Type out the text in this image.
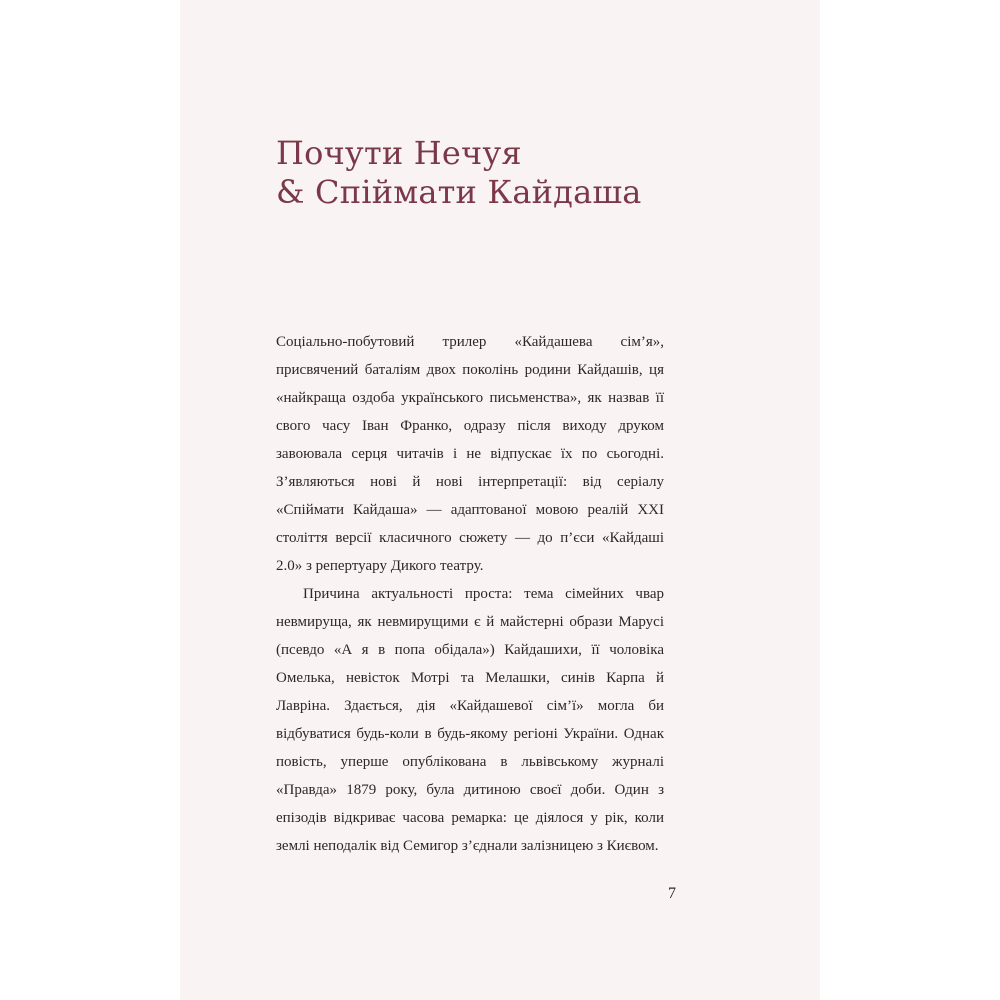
Почути Нечуя
& Спіймати Кайдаша

Соціально-побутовий трилер «Кайдашева сім’я», присвячений баталіям двох поколінь родини Кайдашів, ця «найкраща оздоба українського письменства», як назвав її свого часу Іван Франко, одразу після виходу друком завоювала серця читачів і не відпускає їх по сьогодні. З’являються нові й нові інтерпретації: від серіалу «Спіймати Кайдаша» — адаптованої мовою реалій XXI століття версії класичного сюжету — до п’єси «Кайдаші 2.0» з репертуару Дикого театру.

Причина актуальності проста: тема сімейних чвар невмируща, як невмирущими є й майстерні образи Марусі (псевдо «А я в попа обідала») Кайдашихи, її чоловіка Омелька, невісток Мотрі та Мелашки, синів Карпа й Лаврiна. Здається, дія «Кайдашевої сім’ї» могла би відбуватися будь-коли в будь-якому регіоні України. Однак повість, уперше опублікована в львівському журналі «Правда» 1879 року, була дитиною своєї доби. Один з епізодів відкриває часова ремарка: це діялося у рік, коли землі неподалік від Семигор з’єднали залізницею з Києвом.

7
